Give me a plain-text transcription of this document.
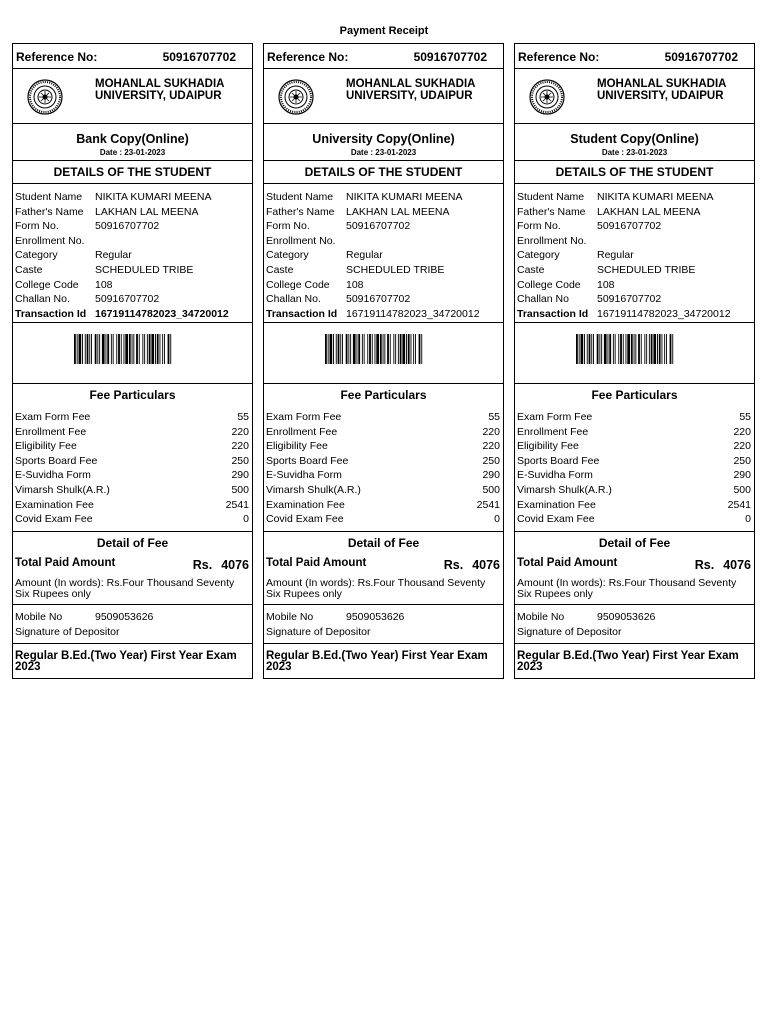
Payment Receipt
Reference No:	50916707702
MOHANLAL SUKHADIA
UNIVERSITY, UDAIPUR
Bank Copy(Online)
Date : 23-01-2023
DETAILS OF THE STUDENT
Student Name NIKITA KUMARI MEENA
Father's Name LAKHAN LAL MEENA
Form No.	50916707702
Enrollment No.
Category	Regular
Caste	SCHEDULED TRIBE
College Code 108
Challan No. 50916707702
Transaction Id 16719114782023_34720012
Fee Particulars
Exam Form Fee	55
Enrollment Fee	220
Eligibility Fee	220
Sports Board Fee	250
E-Suvidha Form	290
Vimarsh Shulk(A.R.)	500
Examination Fee	2541
Covid Exam Fee	0
Detail of Fee
Total Paid Amount	Rs. 4076
Amount (In words): Rs.Four Thousand Seventy Six Rupees only
Mobile No	9509053626
Signature of Depositor
Regular B.Ed.(Two Year) First Year Exam 2023
Reference No:	50916707702
MOHANLAL SUKHADIA
UNIVERSITY, UDAIPUR
University Copy(Online)
Date : 23-01-2023
DETAILS OF THE STUDENT
Student Name NIKITA KUMARI MEENA
Father's Name LAKHAN LAL MEENA
Form No.	50916707702
Enrollment No.
Category	Regular
Caste	SCHEDULED TRIBE
College Code 108
Challan No. 50916707702
Transaction Id 16719114782023_34720012
Fee Particulars
Exam Form Fee	55
Enrollment Fee	220
Eligibility Fee	220
Sports Board Fee	250
E-Suvidha Form	290
Vimarsh Shulk(A.R.)	500
Examination Fee	2541
Covid Exam Fee	0
Detail of Fee
Total Paid Amount	Rs. 4076
Amount (In words): Rs.Four Thousand Seventy Six Rupees only
Mobile No	9509053626
Signature of Depositor
Regular B.Ed.(Two Year) First Year Exam 2023
Reference No:	50916707702
MOHANLAL SUKHADIA
UNIVERSITY, UDAIPUR
Student Copy(Online)
Date : 23-01-2023
DETAILS OF THE STUDENT
Student Name NIKITA KUMARI MEENA
Father's Name LAKHAN LAL MEENA
Form No.	50916707702
Enrollment No.
Category	Regular
Caste	SCHEDULED TRIBE
College Code 108
Challan No	50916707702
Transaction Id 16719114782023_34720012
Fee Particulars
Exam Form Fee	55
Enrollment Fee	220
Eligibility Fee	220
Sports Board Fee	250
E-Suvidha Form	290
Vimarsh Shulk(A.R.)	500
Examination Fee	2541
Covid Exam Fee	0
Detail of Fee
Total Paid Amount	Rs. 4076
Amount (In words): Rs.Four Thousand Seventy Six Rupees only
Mobile No	9509053626
Signature of Depositor
Regular B.Ed.(Two Year) First Year Exam 2023
